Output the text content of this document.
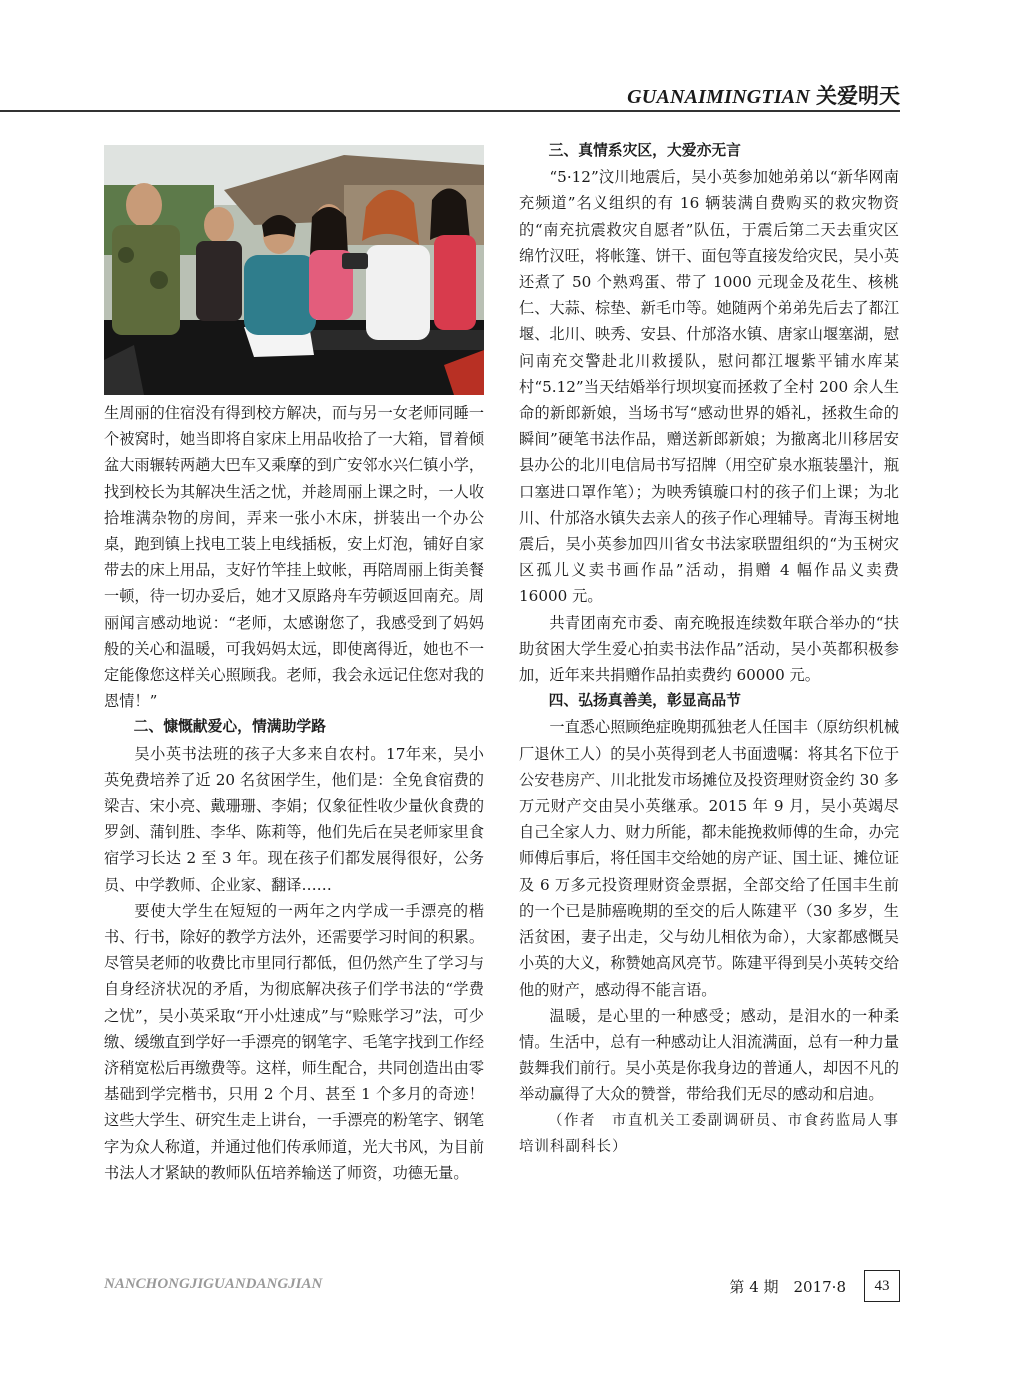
GUANAIMINGTIAN 关爱明天

生周丽的住宿没有得到校方解决，而与另一女老师同睡一个被窝时，她当即将自家床上用品收拾了一大箱，冒着倾盆大雨辗转两趟大巴车又乘摩的到广安邻水兴仁镇小学，找到校长为其解决生活之忧，并趁周丽上课之时，一人收拾堆满杂物的房间，弄来一张小木床，拼装出一个办公桌，跑到镇上找电工装上电线插板，安上灯泡，铺好自家带去的床上用品，支好竹竿挂上蚊帐，再陪周丽上街美餐一顿，待一切办妥后，她才又原路舟车劳顿返回南充。周丽闻言感动地说：“老师，太感谢您了，我感受到了妈妈般的关心和温暖，可我妈妈太远，即使离得近，她也不一定能像您这样关心照顾我。老师，我会永远记住您对我的恩情！”

二、慷慨献爱心，情满助学路

吴小英书法班的孩子大多来自农村。17年来，吴小英免费培养了近 20 名贫困学生，他们是：全免食宿费的梁吉、宋小亮、戴珊珊、李娟；仅象征性收少量伙食费的罗剑、蒲钊胜、李华、陈莉等，他们先后在吴老师家里食宿学习长达 2 至 3 年。现在孩子们都发展得很好，公务员、中学教师、企业家、翻译……

要使大学生在短短的一两年之内学成一手漂亮的楷书、行书，除好的教学方法外，还需要学习时间的积累。尽管吴老师的收费比市里同行都低，但仍然产生了学习与自身经济状况的矛盾，为彻底解决孩子们学书法的“学费之忧”，吴小英采取“开小灶速成”与“赊账学习”法，可少缴、缓缴直到学好一手漂亮的钢笔字、毛笔字找到工作经济稍宽松后再缴费等。这样，师生配合，共同创造出由零基础到学完楷书，只用 2 个月、甚至 1 个多月的奇迹！这些大学生、研究生走上讲台，一手漂亮的粉笔字、钢笔字为众人称道，并通过他们传承师道，光大书风，为目前书法人才紧缺的教师队伍培养输送了师资，功德无量。

三、真情系灾区，大爱亦无言

“5·12”汶川地震后，吴小英参加她弟弟以“新华网南充频道”名义组织的有 16 辆装满自费购买的救灾物资的“南充抗震救灾自愿者”队伍，于震后第二天去重灾区绵竹汉旺，将帐篷、饼干、面包等直接发给灾民，吴小英还煮了 50 个熟鸡蛋、带了 1000 元现金及花生、核桃仁、大蒜、棕垫、新毛巾等。她随两个弟弟先后去了都江堰、北川、映秀、安县、什邡洛水镇、唐家山堰塞湖，慰问南充交警赴北川救援队，慰问都江堰紫平铺水库某村“5.12”当天结婚举行坝坝宴而拯救了全村 200 余人生命的新郎新娘，当场书写“感动世界的婚礼，拯救生命的瞬间”硬笔书法作品，赠送新郎新娘；为撤离北川移居安县办公的北川电信局书写招牌（用空矿泉水瓶装墨汁，瓶口塞进口罩作笔）；为映秀镇璇口村的孩子们上课；为北川、什邡洛水镇失去亲人的孩子作心理辅导。青海玉树地震后，吴小英参加四川省女书法家联盟组织的“为玉树灾区孤儿义卖书画作品”活动，捐赠 4 幅作品义卖费 16000 元。

共青团南充市委、南充晚报连续数年联合举办的“扶助贫困大学生爱心拍卖书法作品”活动，吴小英都积极参加，近年来共捐赠作品拍卖费约 60000 元。

四、弘扬真善美，彰显高品节

一直悉心照顾绝症晚期孤独老人任国丰（原纺织机械厂退休工人）的吴小英得到老人书面遗嘱：将其名下位于公安巷房产、川北批发市场摊位及投资理财资金约 30 多万元财产交由吴小英继承。2015 年 9 月，吴小英竭尽自己全家人力、财力所能，都未能挽救师傅的生命，办完师傅后事后，将任国丰交给她的房产证、国土证、摊位证及 6 万多元投资理财资金票据，全部交给了任国丰生前的一个已是肺癌晚期的至交的后人陈建平（30 多岁，生活贫困，妻子出走，父与幼儿相依为命），大家都感慨吴小英的大义，称赞她高风亮节。陈建平得到吴小英转交给他的财产，感动得不能言语。

温暖，是心里的一种感受；感动，是泪水的一种柔情。生活中，总有一种感动让人泪流满面，总有一种力量鼓舞我们前行。吴小英是你我身边的普通人，却因不凡的举动赢得了大众的赞誉，带给我们无尽的感动和启迪。

（作者　市直机关工委副调研员、市食药监局人事培训科副科长）

NANCHONGJIGUANDANGJIAN	第 4 期　2017·8	43
